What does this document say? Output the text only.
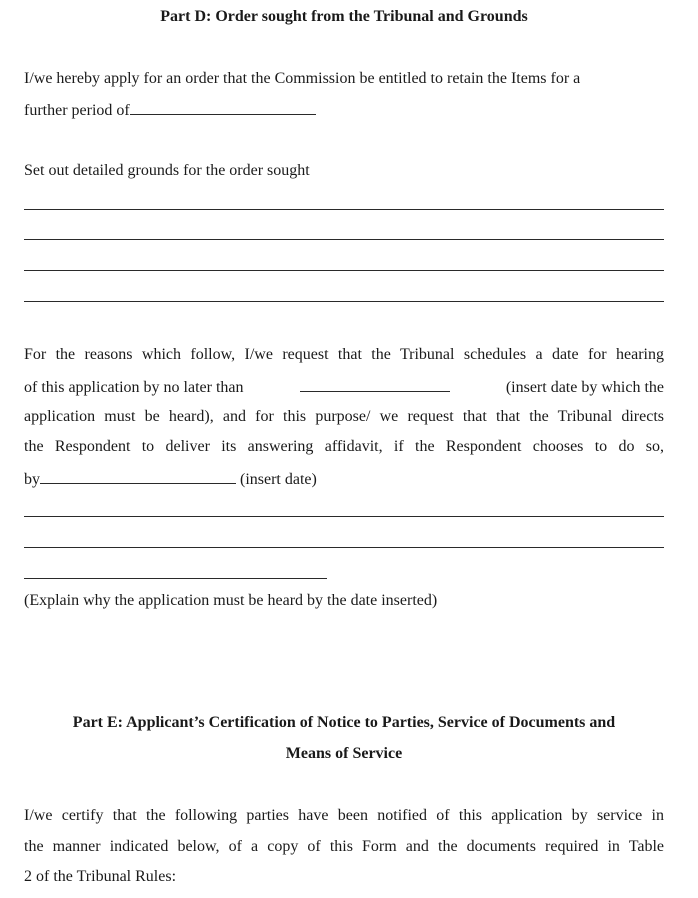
Part D: Order sought from the Tribunal and Grounds
I/we hereby apply for an order that the Commission be entitled to retain the Items for a
further period of
Set out detailed grounds for the order sought
For the reasons which follow, I/we request that the Tribunal schedules a date for hearing
of this application by no later than	(insert date by which the
application must be heard), and for this purpose/ we request that that the Tribunal directs
the Respondent to deliver its answering affidavit, if the Respondent chooses to do so,
by	(insert date)
(Explain why the application must be heard by the date inserted)
Part E: Applicant’s Certification of Notice to Parties, Service of Documents and
Means of Service
I/we certify that the following parties have been notified of this application by service in
the manner indicated below, of a copy of this Form and the documents required in Table
2 of the Tribunal Rules:
